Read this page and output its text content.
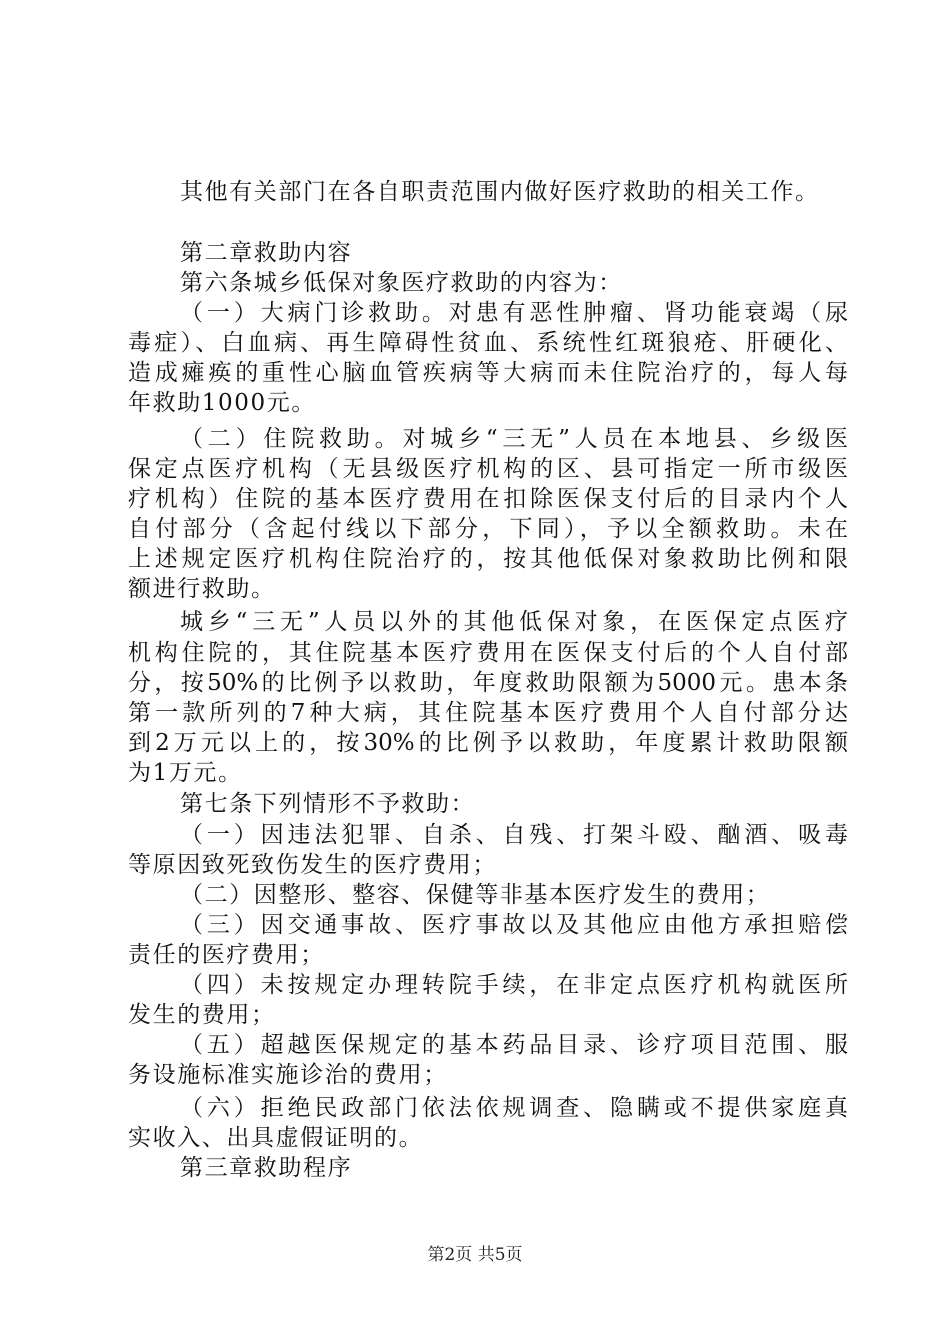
其他有关部门在各自职责范围内做好医疗救助的相关工作。
第二章救助内容
第六条城乡低保对象医疗救助的内容为：
（一）大病门诊救助。对患有恶性肿瘤、肾功能衰竭（尿
毒症）、白血病、再生障碍性贫血、系统性红斑狼疮、肝硬化、
造成瘫痪的重性心脑血管疾病等大病而未住院治疗的，每人每
年救助1000元。
（二）住院救助。对城乡“三无”人员在本地县、乡级医
保定点医疗机构（无县级医疗机构的区、县可指定一所市级医
疗机构）住院的基本医疗费用在扣除医保支付后的目录内个人
自付部分（含起付线以下部分，下同），予以全额救助。未在
上述规定医疗机构住院治疗的，按其他低保对象救助比例和限
额进行救助。
城乡“三无”人员以外的其他低保对象，在医保定点医疗
机构住院的，其住院基本医疗费用在医保支付后的个人自付部
分，按50%的比例予以救助，年度救助限额为5000元。患本条
第一款所列的7种大病，其住院基本医疗费用个人自付部分达
到2万元以上的，按30%的比例予以救助，年度累计救助限额
为1万元。
第七条下列情形不予救助：
（一）因违法犯罪、自杀、自残、打架斗殴、酗酒、吸毒
等原因致死致伤发生的医疗费用；
（二）因整形、整容、保健等非基本医疗发生的费用；
（三）因交通事故、医疗事故以及其他应由他方承担赔偿
责任的医疗费用；
（四）未按规定办理转院手续，在非定点医疗机构就医所
发生的费用；
（五）超越医保规定的基本药品目录、诊疗项目范围、服
务设施标准实施诊治的费用；
（六）拒绝民政部门依法依规调查、隐瞒或不提供家庭真
实收入、出具虚假证明的。
第三章救助程序
第2页 共5页
